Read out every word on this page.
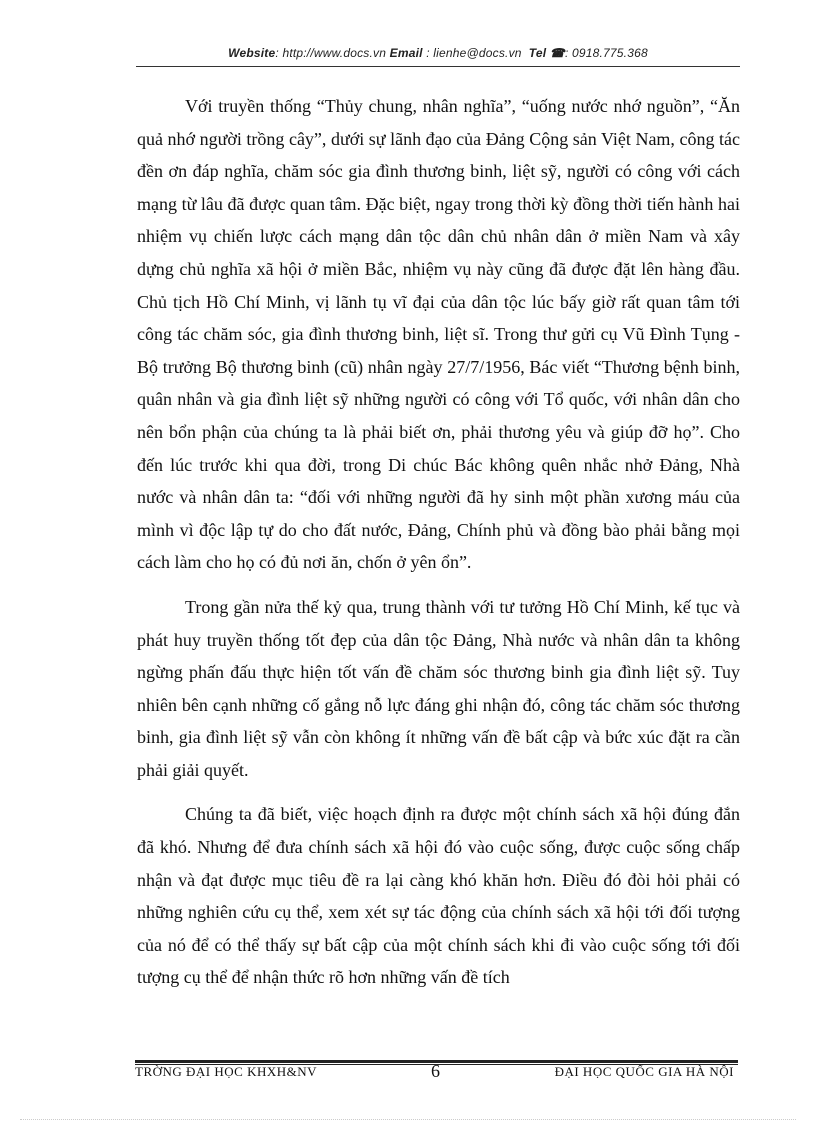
Website: http://www.docs.vn Email : lienhe@docs.vn Tel ☎: 0918.775.368

Với truyền thống “Thủy chung, nhân nghĩa”, “uống nước nhớ nguồn”, “Ăn quả nhớ người trồng cây”, dưới sự lãnh đạo của Đảng Cộng sản Việt Nam, công tác đền ơn đáp nghĩa, chăm sóc gia đình thương binh, liệt sỹ, người có công với cách mạng từ lâu đã được quan tâm. Đặc biệt, ngay trong thời kỳ đồng thời tiến hành hai nhiệm vụ chiến lược cách mạng dân tộc dân chủ nhân dân ở miền Nam và xây dựng chủ nghĩa xã hội ở miền Bắc, nhiệm vụ này cũng đã được đặt lên hàng đầu. Chủ tịch Hồ Chí Minh, vị lãnh tụ vĩ đại của dân tộc lúc bấy giờ rất quan tâm tới công tác chăm sóc, gia đình thương binh, liệt sĩ. Trong thư gửi cụ Vũ Đình Tụng - Bộ trưởng Bộ thương binh (cũ) nhân ngày 27/7/1956, Bác viết “Thương bệnh binh, quân nhân và gia đình liệt sỹ những người có công với Tổ quốc, với nhân dân cho nên bổn phận của chúng ta là phải biết ơn, phải thương yêu và giúp đỡ họ”. Cho đến lúc trước khi qua đời, trong Di chúc Bác không quên nhắc nhở Đảng, Nhà nước và nhân dân ta: “đối với những người đã hy sinh một phần xương máu của mình vì độc lập tự do cho đất nước, Đảng, Chính phủ và đồng bào phải bằng mọi cách làm cho họ có đủ nơi ăn, chốn ở yên ổn”.

Trong gần nửa thế kỷ qua, trung thành với tư tưởng Hồ Chí Minh, kế tục và phát huy truyền thống tốt đẹp của dân tộc Đảng, Nhà nước và nhân dân ta không ngừng phấn đấu thực hiện tốt vấn đề chăm sóc thương binh gia đình liệt sỹ. Tuy nhiên bên cạnh những cố gắng nỗ lực đáng ghi nhận đó, công tác chăm sóc thương binh, gia đình liệt sỹ vẫn còn không ít những vấn đề bất cập và bức xúc đặt ra cần phải giải quyết.

Chúng ta đã biết, việc hoạch định ra được một chính sách xã hội đúng đắn đã khó. Nhưng để đưa chính sách xã hội đó vào cuộc sống, được cuộc sống chấp nhận và đạt được mục tiêu đề ra lại càng khó khăn hơn. Điều đó đòi hỏi phải có những nghiên cứu cụ thể, xem xét sự tác động của chính sách xã hội tới đối tượng của nó để có thể thấy sự bất cập của một chính sách khi đi vào cuộc sống tới đối tượng cụ thể để nhận thức rõ hơn những vấn đề tích

TRỜNG ĐẠI HỌC KHXH&NV	6	ĐẠI HỌC QUỐC GIA HÀ NỘI
